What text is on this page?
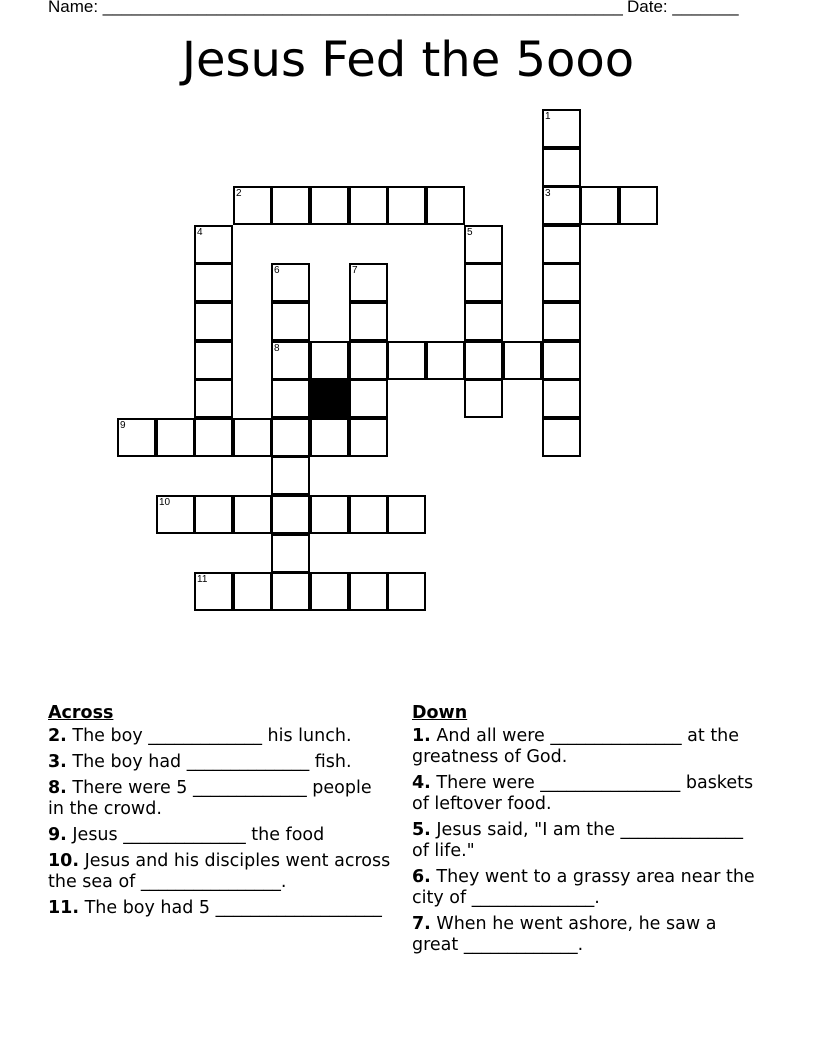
Name: _______________________________________________________ Date: _______
Jesus Fed the 5ooo
1
2	3
4	5
6	7
8
9
10
11
Across
2. The boy _____________ his lunch.
3. The boy had ______________ fish.
8. There were 5 _____________ people in the crowd.
9. Jesus ______________ the food
10. Jesus and his disciples went across the sea of ________________.
11. The boy had 5 ___________________
Down
1. And all were _______________ at the greatness of God.
4. There were ________________ baskets of leftover food.
5. Jesus said, "I am the ______________ of life."
6. They went to a grassy area near the city of ______________.
7. When he went ashore, he saw a great _____________.
